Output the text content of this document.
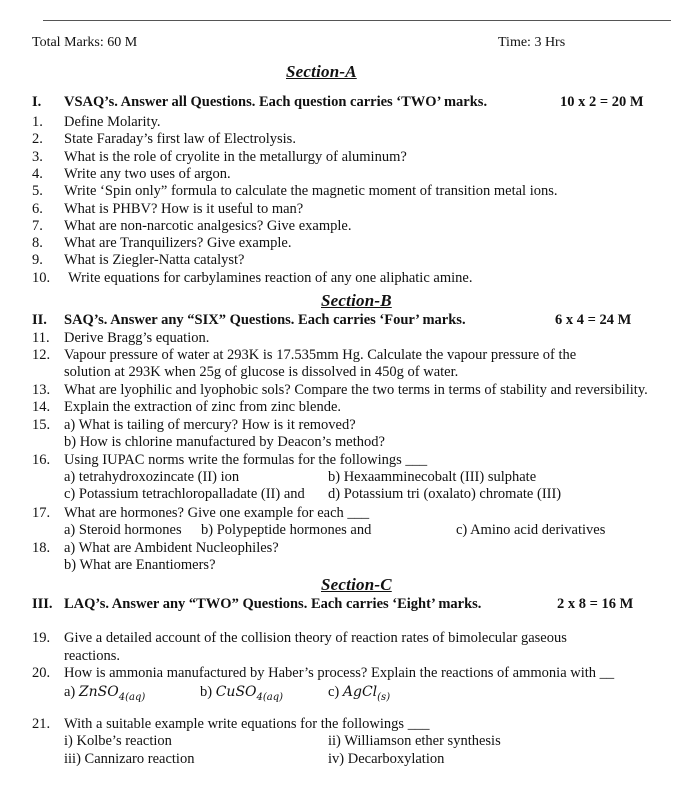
Total Marks: 60 M	Time: 3 Hrs
Section-A
I. VSAQ’s. Answer all Questions. Each question carries ‘TWO’ marks.	10 x 2 = 20 M
1. Define Molarity.
2. State Faraday’s first law of Electrolysis.
3. What is the role of cryolite in the metallurgy of aluminum?
4. Write any two uses of argon.
5. Write ‘Spin only” formula to calculate the magnetic moment of transition metal ions.
6. What is PHBV? How is it useful to man?
7. What are non-narcotic analgesics? Give example.
8. What are Tranquilizers? Give example.
9. What is Ziegler-Natta catalyst?
10. Write equations for carbylamines reaction of any one aliphatic amine.
Section-B
II. SAQ’s. Answer any “SIX” Questions. Each carries ‘Four’ marks.	6 x 4 = 24 M
11. Derive Bragg’s equation.
12. Vapour pressure of water at 293K is 17.535mm Hg. Calculate the vapour pressure of the
solution at 293K when 25g of glucose is dissolved in 450g of water.
13. What are lyophilic and lyophobic sols? Compare the two terms in terms of stability and reversibility.
14. Explain the extraction of zinc from zinc blende.
15. a) What is tailing of mercury? How is it removed?
b) How is chlorine manufactured by Deacon’s method?
16. Using IUPAC norms write the formulas for the followings ___
a) tetrahydroxozincate (II) ion	b) Hexaamminecobalt (III) sulphate
c) Potassium tetrachloropalladate (II) and d) Potassium tri (oxalato) chromate (III)
17. What are hormones? Give one example for each ___
a) Steroid hormones b) Polypeptide hormones and	c) Amino acid derivatives
18. a) What are Ambident Nucleophiles?
b) What are Enantiomers?
Section-C
III. LAQ’s. Answer any “TWO” Questions. Each carries ‘Eight’ marks.	2 x 8 = 16 M
19. Give a detailed account of the collision theory of reaction rates of bimolecular gaseous
reactions.
20. How is ammonia manufactured by Haber’s process? Explain the reactions of ammonia with __
a) ZnSO$_{4(aq)}$	b) CuSO$_{4(aq)}$	c) AgCl$_{(s)}$
21. With a suitable example write equations for the followings ___
i) Kolbe’s reaction	ii) Williamson ether synthesis
iii) Cannizaro reaction	iv) Decarboxylation
